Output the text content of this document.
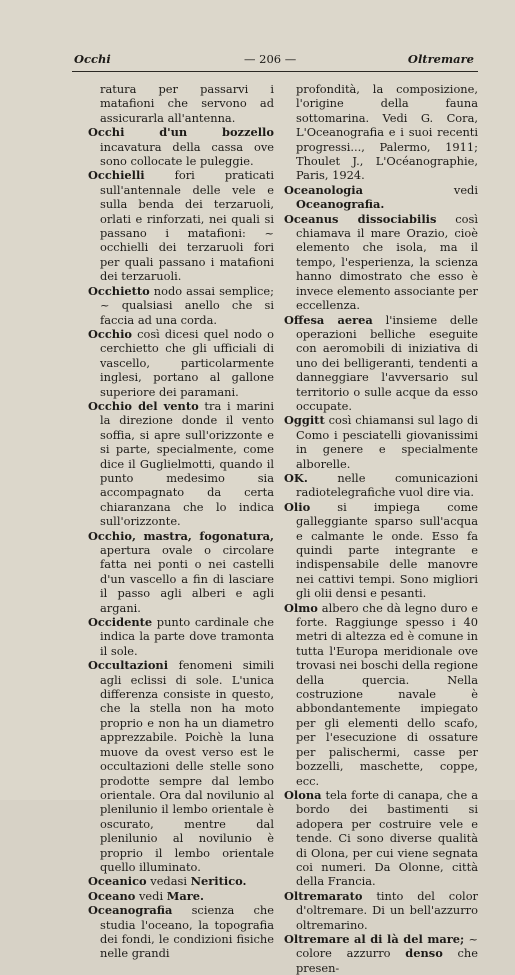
Occhi	— 206 —	Oltremare

ratura per passarvi i matafioni che servono ad assicurarla all'antenna.

Occhi d'un bozzello incavatura della cassa ove sono collocate le puleggie.

Occhielli fori praticati sull'antennale delle vele e sulla benda dei terzaruoli, orlati e rinforzati, nei quali si passano i matafioni: ~ occhielli dei terzaruoli fori per quali passano i matafioni dei terzaruoli.

Occhietto nodo assai semplice; ~ qualsiasi anello che si faccia ad una corda.

Occhio così dicesi quel nodo o cerchietto che gli ufficiali di vascello, particolarmente inglesi, portano al gallone superiore dei paramani.

Occhio del vento tra i marini la direzione donde il vento soffia, si apre sull'orizzonte e si parte, specialmente, come dice il Guglielmotti, quando il punto medesimo sia accompagnato da certa chiaranzana che lo indica sull'orizzonte.

Occhio, mastra, fogonatura, apertura ovale o circolare fatta nei ponti o nei castelli d'un vascello a fin di lasciare il passo agli alberi e agli argani.

Occidente punto cardinale che indica la parte dove tramonta il sole.

Occultazioni fenomeni simili agli eclissi di sole. L'unica differenza consiste in questo, che la stella non ha moto proprio e non ha un diametro apprezzabile. Poichè la luna muove da ovest verso est le occultazioni delle stelle sono prodotte sempre dal lembo orientale. Ora dal novilunio al plenilunio il lembo orientale è oscurato, mentre dal plenilunio al novilunio è proprio il lembo orientale quello illuminato.

Oceanico vedasi Neritico.

Oceano vedi Mare.

Oceanografia scienza che studia l'oceano, la topografia dei fondi, le condizioni fisiche nelle grandi

profondità, la composizione, l'origine della fauna sottomarina. Vedi G. Cora, L'Oceanografia e i suoi recenti progressi..., Palermo, 1911; Thoulet J., L'Océanographie, Paris, 1924.

Oceanologia vedi Oceanografia.

Oceanus dissociabilis così chiamava il mare Orazio, cioè elemento che isola, ma il tempo, l'esperienza, la scienza hanno dimostrato che esso è invece elemento associante per eccellenza.

Offesa aerea l'insieme delle operazioni belliche eseguite con aeromobili di iniziativa di uno dei belligeranti, tendenti a danneggiare l'avversario sul territorio o sulle acque da esso occupate.

Oggitt così chiamansi sul lago di Como i pesciatelli giovanissimi in genere e specialmente alborelle.

OK. nelle comunicazioni radiotelegrafiche vuol dire via.

Olio si impiega come galleggiante sparso sull'acqua e calmante le onde. Esso fa quindi parte integrante e indispensabile delle manovre nei cattivi tempi. Sono migliori gli olii densi e pesanti.

Olmo albero che dà legno duro e forte. Raggiunge spesso i 40 metri di altezza ed è comune in tutta l'Europa meridionale ove trovasi nei boschi della regione della quercia. Nella costruzione navale è abbondantemente impiegato per gli elementi dello scafo, per l'esecuzione di ossature per palischermi, casse per bozzelli, maschette, coppe, ecc.

Olona tela forte di canapa, che a bordo dei bastimenti si adopera per costruire vele e tende. Ci sono diverse qualità di Olona, per cui viene segnata coi numeri. Da Olonne, città della Francia.

Oltremarato tinto del color d'oltremare. Di un bell'azzurro oltremarino.

Oltremare al di là del mare; ~ colore azzurro denso che presen-
